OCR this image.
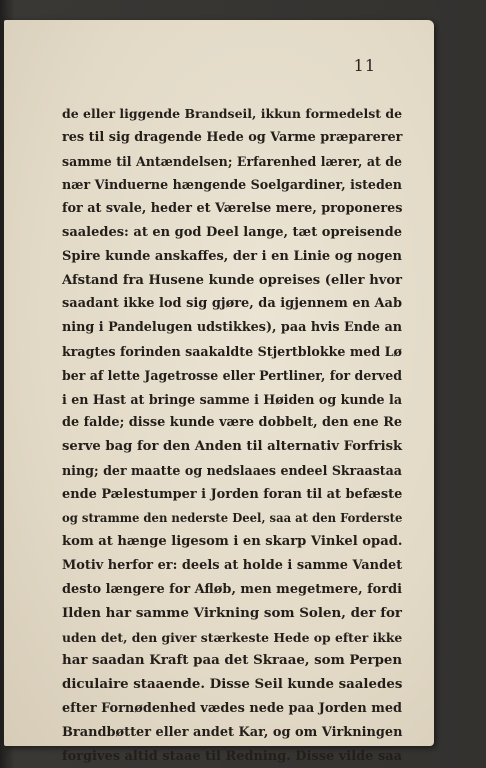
11
de eller liggende Brandseil, ikkun formedelst de
res til sig dragende Hede og Varme præparerer
samme til Antændelsen; Erfarenhed lærer, at de
nær Vinduerne hængende Soelgardiner, isteden
for at svale, heder et Værelse mere, proponeres
saaledes: at en god Deel lange, tæt opreisende
Spire kunde anskaffes, der i en Linie og nogen
Afstand fra Husene kunde opreises (eller hvor
saadant ikke lod sig gjøre, da igjennem en Aab
ning i Pandelugen udstikkes), paa hvis Ende an
kragtes forinden saakaldte Stjertblokke med Lø
ber af lette Jagetrosse eller Pertliner, for derved
i en Hast at bringe samme i Høiden og kunde la
de falde; disse kunde være dobbelt, den ene Re
serve bag for den Anden til alternativ Forfrisk
ning; der maatte og nedslaaes endeel Skraastaa
ende Pælestumper i Jorden foran til at befæste
og stramme den nederste Deel, saa at den Forderste
kom at hænge ligesom i en skarp Vinkel opad.
Motiv herfor er: deels at holde i samme Vandet
desto længere for Afløb, men megetmere, fordi
Ilden har samme Virkning som Solen, der for
uden det, den giver stærkeste Hede op efter ikke
har saadan Kraft paa det Skraae, som Perpen
diculaire staaende. Disse Seil kunde saaledes
efter Fornødenhed vædes nede paa Jorden med
Brandbøtter eller andet Kar, og om Virkningen
forgives altid staae til Redning. Disse vilde saa
